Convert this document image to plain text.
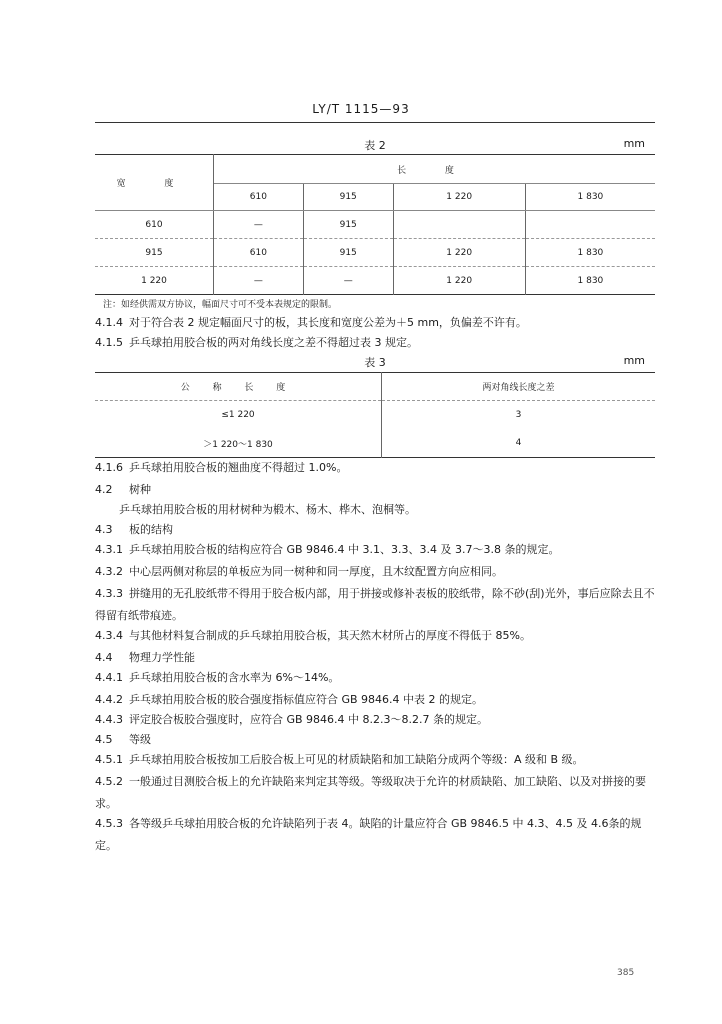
LY/T 1115—93
表 2	mm
宽 度	长 度			
	610	915	1 220	1 830
610	—	915		
915	610	915	1 220	1 830
1 220	—	—	1 220	1 830
注：如经供需双方协议，幅面尺寸可不受本表规定的限制。
4.1.4 对于符合表 2 规定幅面尺寸的板，其长度和宽度公差为＋5 mm，负偏差不许有。
4.1.5 乒乓球拍用胶合板的两对角线长度之差不得超过表 3 规定。
表 3	mm
公 称 长 度	两对角线长度之差
≤1 220	3
＞1 220～1 830	4
4.1.6 乒乓球拍用胶合板的翘曲度不得超过 1.0%。
4.2 树种
乒乓球拍用胶合板的用材树种为椴木、杨木、桦木、泡桐等。
4.3 板的结构
4.3.1 乒乓球拍用胶合板的结构应符合 GB 9846.4 中 3.1、3.3、3.4 及 3.7～3.8 条的规定。
4.3.2 中心层两侧对称层的单板应为同一树种和同一厚度，且木纹配置方向应相同。
4.3.3 拼缝用的无孔胶纸带不得用于胶合板内部，用于拼接或修补表板的胶纸带，除不砂(刮)光外，事后应除去且不得留有纸带痕迹。
4.3.4 与其他材料复合制成的乒乓球拍用胶合板，其天然木材所占的厚度不得低于 85%。
4.4 物理力学性能
4.4.1 乒乓球拍用胶合板的含水率为 6%～14%。
4.4.2 乒乓球拍用胶合板的胶合强度指标值应符合 GB 9846.4 中表 2 的规定。
4.4.3 评定胶合板胶合强度时，应符合 GB 9846.4 中 8.2.3～8.2.7 条的规定。
4.5 等级
4.5.1 乒乓球拍用胶合板按加工后胶合板上可见的材质缺陷和加工缺陷分成两个等级：A 级和 B 级。
4.5.2 一般通过目测胶合板上的允许缺陷来判定其等级。等级取决于允许的材质缺陷、加工缺陷、以及对拼接的要求。
4.5.3 各等级乒乓球拍用胶合板的允许缺陷列于表 4。缺陷的计量应符合 GB 9846.5 中 4.3、4.5 及 4.6条的规定。
385
